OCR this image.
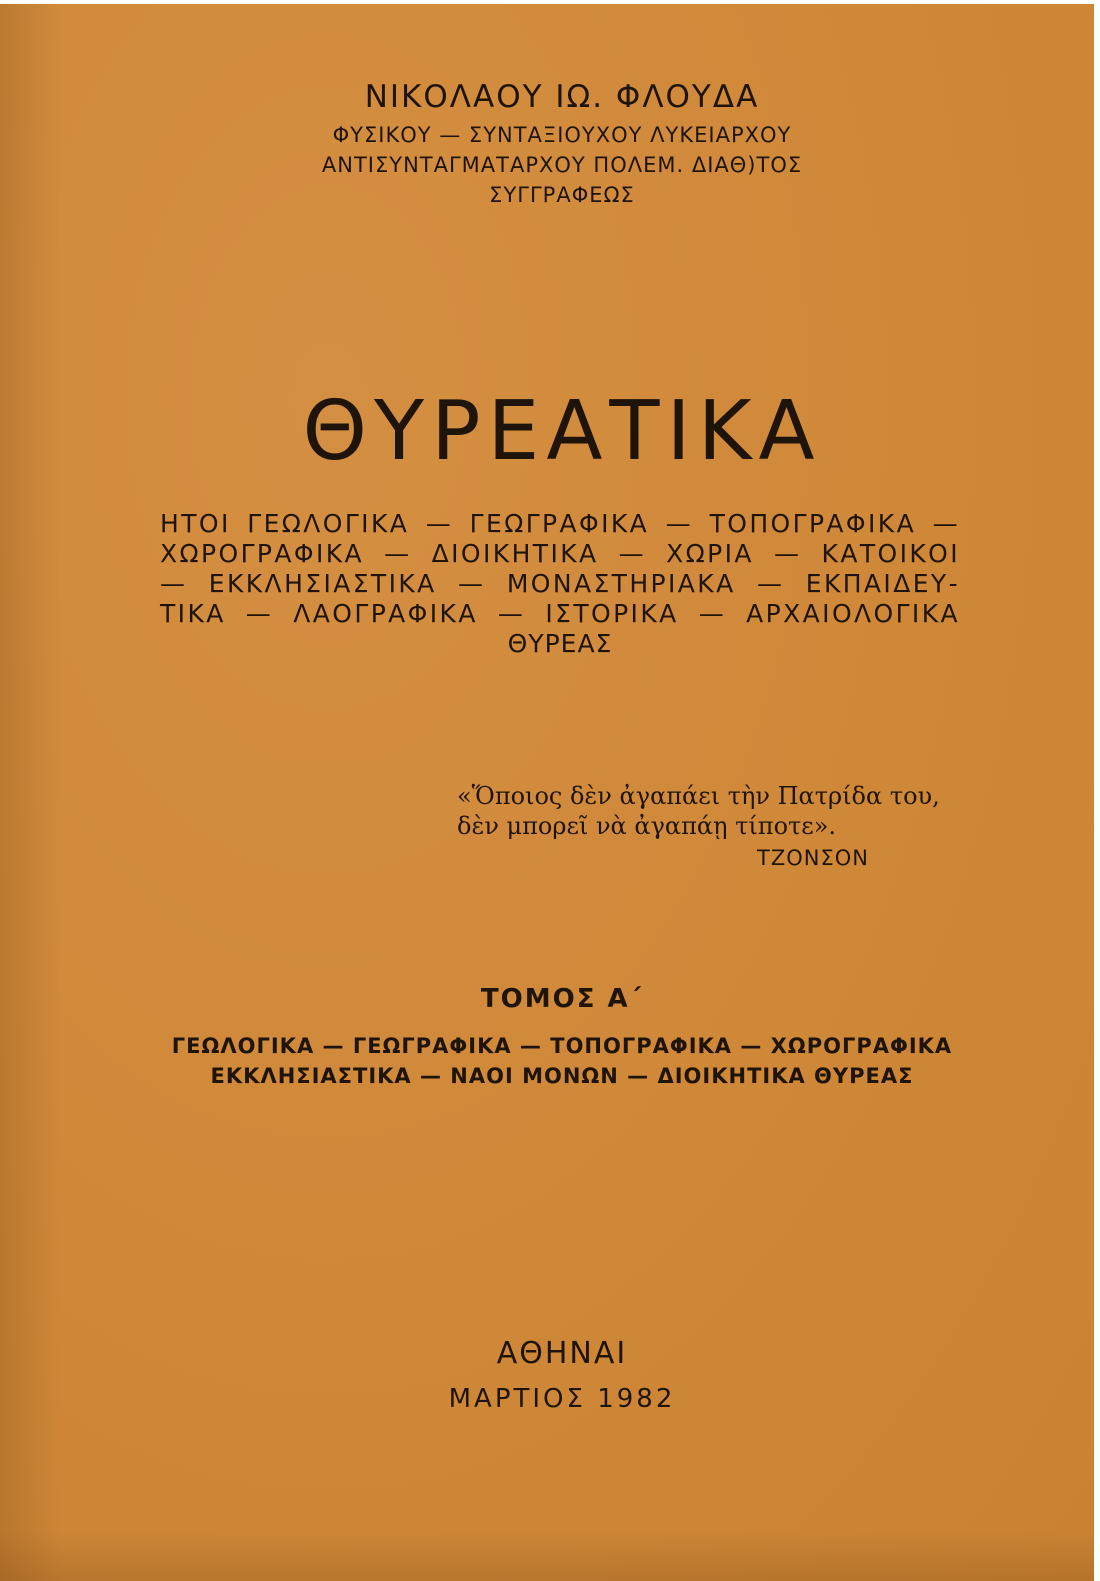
ΝΙΚΟΛΑΟΥ ΙΩ. ΦΛΟΥΔΑ
ΦΥΣΙΚΟΥ — ΣΥΝΤΑΞΙΟΥΧΟΥ ΛΥΚΕΙΑΡΧΟΥ
ΑΝΤΙΣΥΝΤΑΓΜΑΤΑΡΧΟΥ ΠΟΛΕΜ. ΔΙΑΘ)ΤΟΣ
ΣΥΓΓΡΑΦΕΩΣ
ΘΥΡΕΑΤΙΚΑ
ΗΤΟΙ ΓΕΩΛΟΓΙΚΑ — ΓΕΩΓΡΑΦΙΚΑ — ΤΟΠΟΓΡΑΦΙΚΑ —
ΧΩΡΟΓΡΑΦΙΚΑ — ΔΙΟΙΚΗΤΙΚΑ — ΧΩΡΙΑ — ΚΑΤΟΙΚΟΙ
— ΕΚΚΛΗΣΙΑΣΤΙΚΑ — ΜΟΝΑΣΤΗΡΙΑΚΑ — ΕΚΠΑΙΔΕΥ-
ΤΙΚΑ — ΛΑΟΓΡΑΦΙΚΑ — ΙΣΤΟΡΙΚΑ — ΑΡΧΑΙΟΛΟΓΙΚΑ
ΘΥΡΕΑΣ
«Ὅποιος δὲν ἀγαπάει τὴν Πατρίδα του,
δὲν μπορεῖ νὰ ἀγαπάῃ τίποτε».
ΤΖΟΝΣΟΝ
ΤΟΜΟΣ Α΄
ΓΕΩΛΟΓΙΚΑ — ΓΕΩΓΡΑΦΙΚΑ — ΤΟΠΟΓΡΑΦΙΚΑ — ΧΩΡΟΓΡΑΦΙΚΑ
ΕΚΚΛΗΣΙΑΣΤΙΚΑ — ΝΑΟΙ ΜΟΝΩΝ — ΔΙΟΙΚΗΤΙΚΑ ΘΥΡΕΑΣ
ΑΘΗΝΑΙ
ΜΑΡΤΙΟΣ 1982
